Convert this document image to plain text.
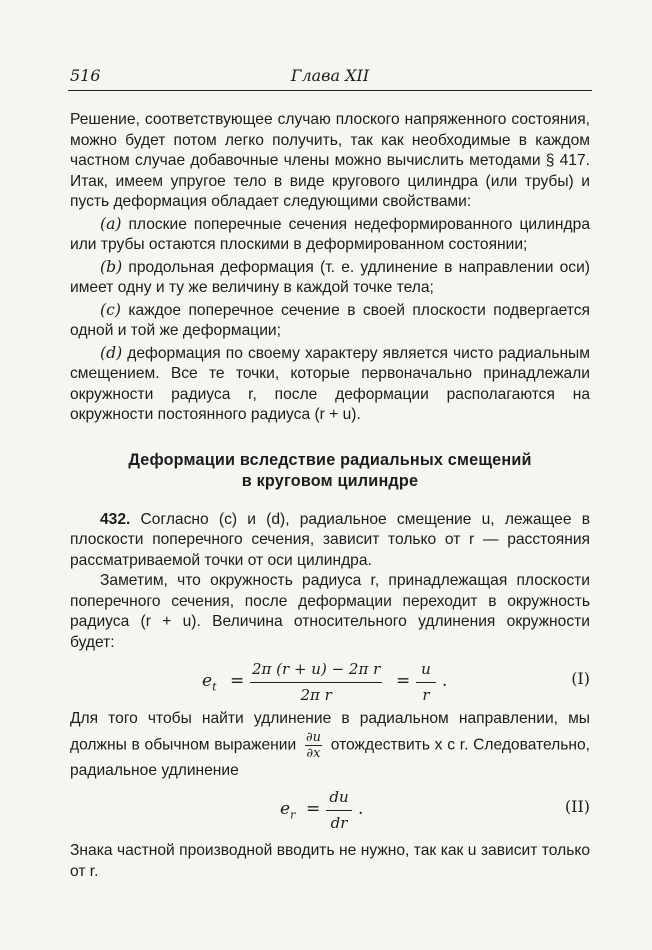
516	Глава XII

Решение, соответствующее случаю плоского напряженного состояния, можно будет потом легко получить, так как необходимые в каждом частном случае добавочные члены можно вычислить методами § 417. Итак, имеем упругое тело в виде кругового цилиндра (или трубы) и пусть деформация обладает следующими свойствами:

(a) плоские поперечные сечения недеформированного цилиндра или трубы остаются плоскими в деформированном состоянии;

(b) продольная деформация (т. е. удлинение в направлении оси) имеет одну и ту же величину в каждой точке тела;

(c) каждое поперечное сечение в своей плоскости подвергается одной и той же деформации;

(d) деформация по своему характеру является чисто радиальным смещением. Все те точки, которые первоначально принадлежали окружности радиуса r, после деформации располагаются на окружности постоянного радиуса (r + u).

Деформации вследствие радиальных смещений
в круговом цилиндре

432. Согласно (c) и (d), радиальное смещение u, лежащее в плоскости поперечного сечения, зависит только от r — расстояния рассматриваемой точки от оси цилиндра.

Заметим, что окружность радиуса r, принадлежащая плоскости поперечного сечения, после деформации переходит в окружность радиуса (r + u). Величина относительного удлинения окружности будет:

$e_t = \frac{\text{2π (r + u) − 2π r}}{\text{2π r}} = \frac{u}{r}$ .	(I)

Для того чтобы найти удлинение в радиальном направлении, мы должны в обычном выражении $\frac{\partial u}{\partial x}$ отождествить x с r. Следовательно, радиальное удлинение

$e_r = \frac{du}{dr}$ .	(II)

Знака частной производной вводить не нужно, так как u зависит только от r.
